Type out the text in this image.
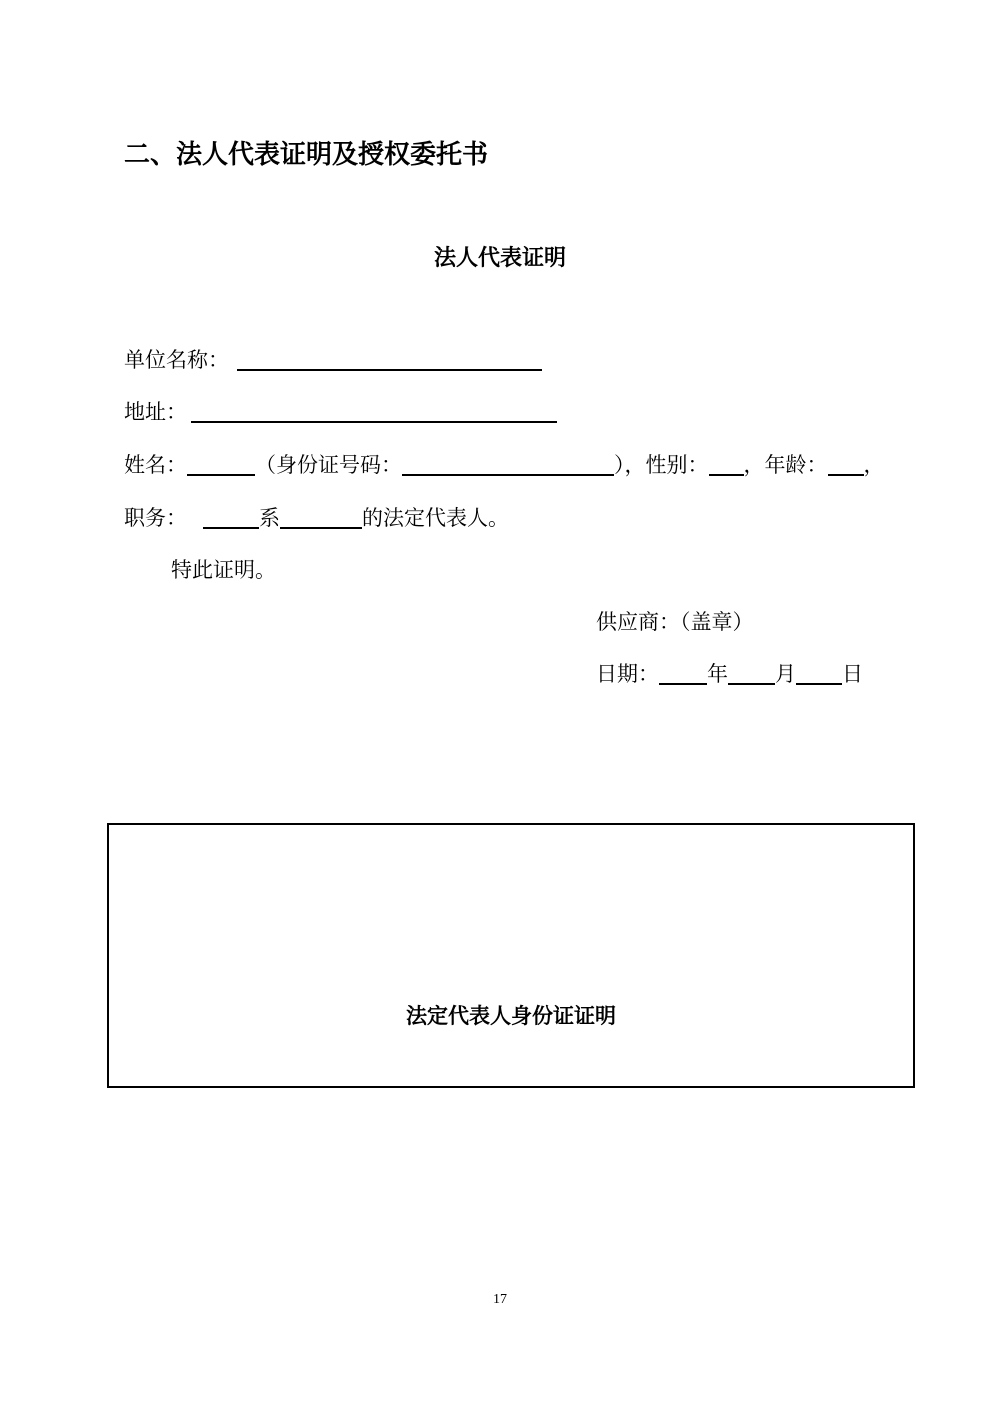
二、法人代表证明及授权委托书
法人代表证明
单位名称：
地址：
姓名：	（身份证号码：	），性别： ，年龄： ，
职务：	系	的法定代表人。
特此证明。
供应商：（盖章）
日期： 年 月 日
法定代表人身份证证明
17
